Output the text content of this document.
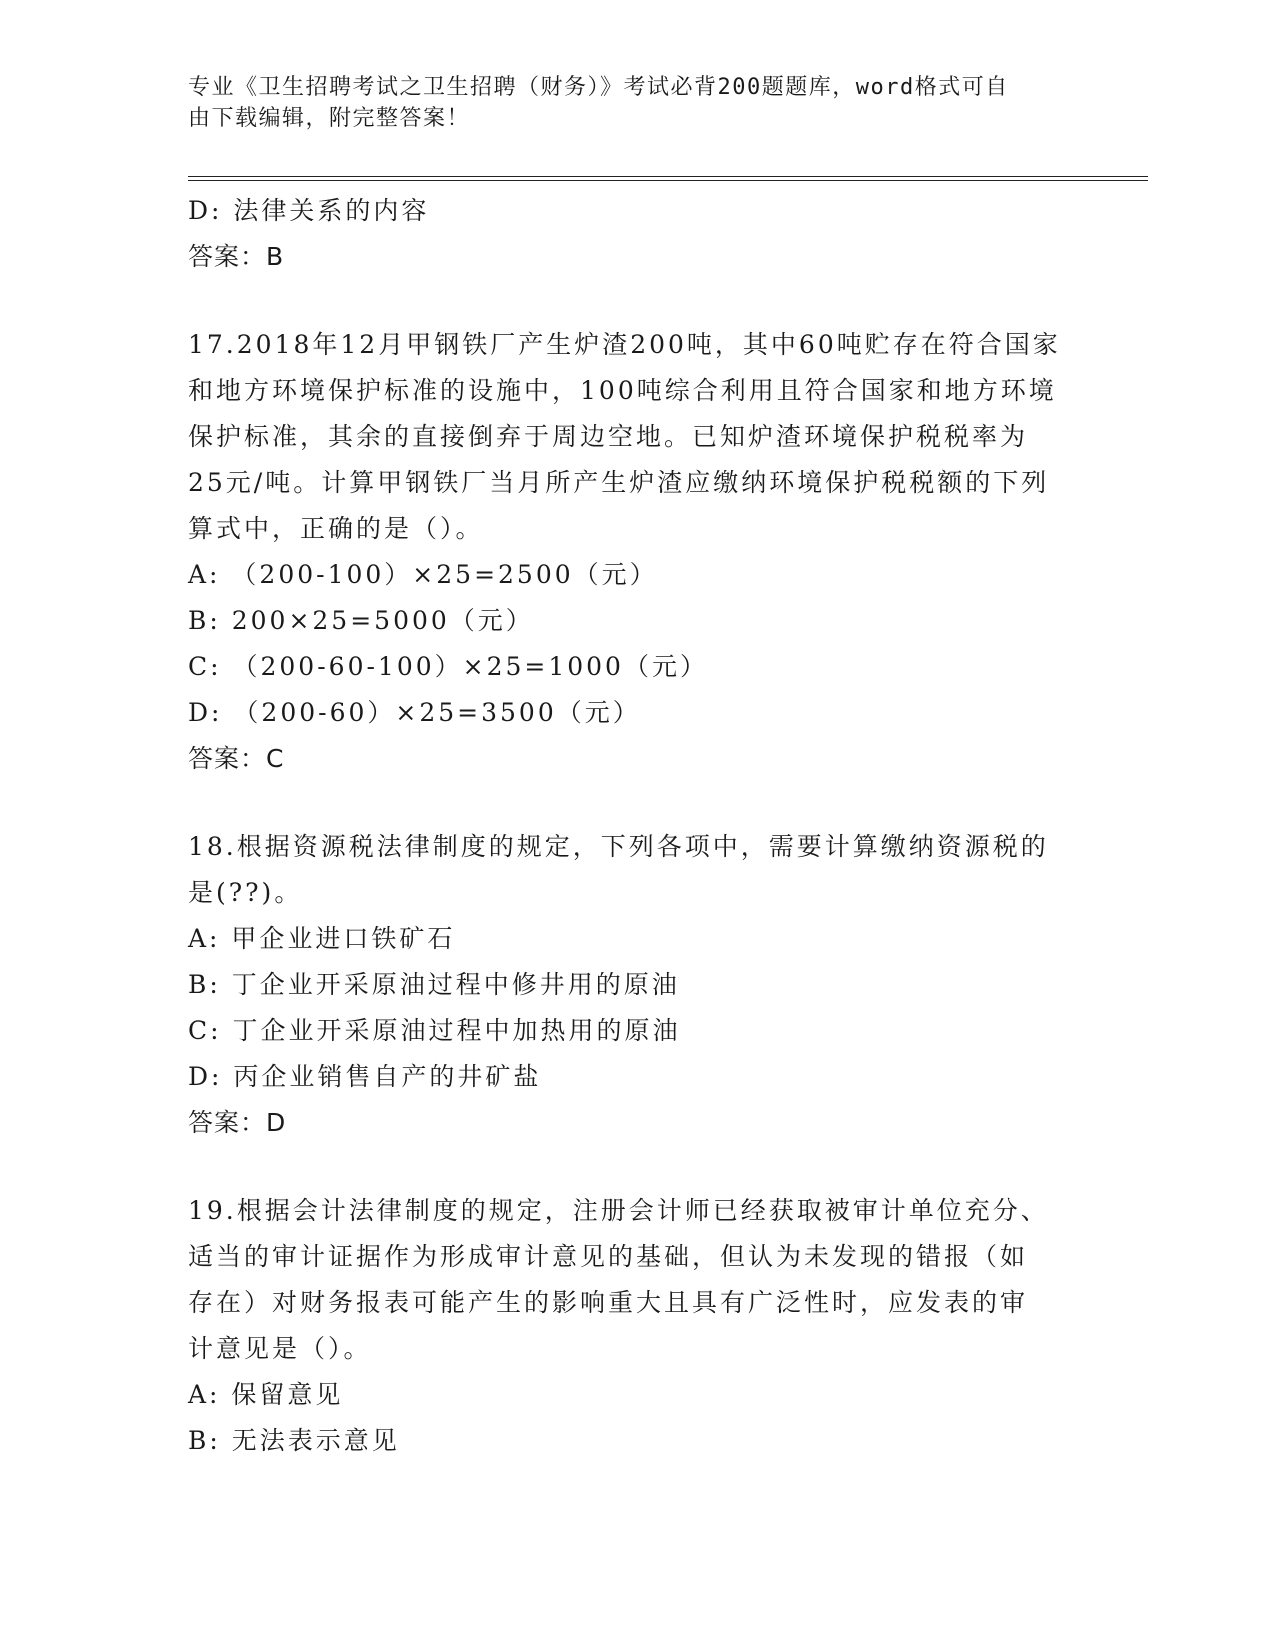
专业《卫生招聘考试之卫生招聘（财务）》考试必背200题题库，word格式可自
由下载编辑，附完整答案！
D: 法律关系的内容
答案：B
17.2018年12月甲钢铁厂产生炉渣200吨，其中60吨贮存在符合国家
和地方环境保护标准的设施中，100吨综合利用且符合国家和地方环境
保护标准，其余的直接倒弃于周边空地。已知炉渣环境保护税税率为
25元/吨。计算甲钢铁厂当月所产生炉渣应缴纳环境保护税税额的下列
算式中，正确的是（）。
A: （200-100）×25=2500（元）
B: 200×25=5000（元）
C: （200-60-100）×25=1000（元）
D: （200-60）×25=3500（元）
答案：C
18.根据资源税法律制度的规定，下列各项中，需要计算缴纳资源税的
是(??)。
A: 甲企业进口铁矿石
B: 丁企业开采原油过程中修井用的原油
C: 丁企业开采原油过程中加热用的原油
D: 丙企业销售自产的井矿盐
答案：D
19.根据会计法律制度的规定，注册会计师已经获取被审计单位充分、
适当的审计证据作为形成审计意见的基础，但认为未发现的错报（如
存在）对财务报表可能产生的影响重大且具有广泛性时，应发表的审
计意见是（）。
A: 保留意见
B: 无法表示意见
